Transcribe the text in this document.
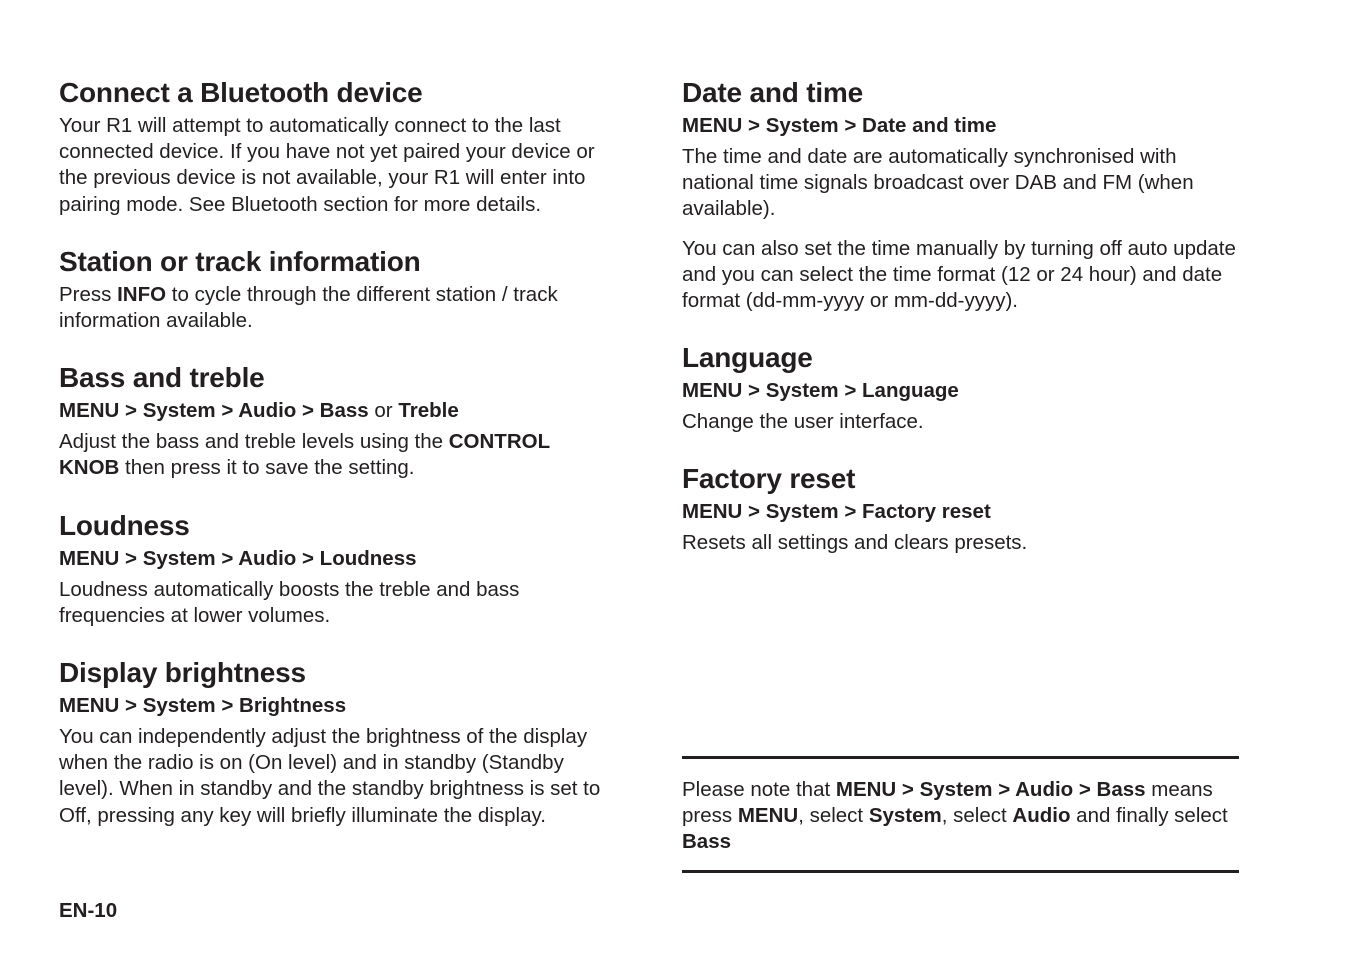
Connect a Bluetooth device

Your R1 will attempt to automatically connect to the last connected device. If you have not yet paired your device or the previous device is not available, your R1 will enter into pairing mode. See Bluetooth section for more details.

Station or track information

Press INFO to cycle through the different station / track information available.

Bass and treble
MENU > System > Audio > Bass or Treble

Adjust the bass and treble levels using the CONTROL KNOB then press it to save the setting.

Loudness
MENU > System > Audio > Loudness

Loudness automatically boosts the treble and bass frequencies at lower volumes.

Display brightness
MENU > System > Brightness

You can independently adjust the brightness of the display when the radio is on (On level) and in standby (Standby level). When in standby and the standby brightness is set to Off, pressing any key will briefly illuminate the display.

Date and time
MENU > System > Date and time

The time and date are automatically synchronised with national time signals broadcast over DAB and FM (when available).

You can also set the time manually by turning off auto update and you can select the time format (12 or 24 hour) and date format (dd-mm-yyyy or mm-dd-yyyy).

Language
MENU > System > Language

Change the user interface.

Factory reset
MENU > System > Factory reset

Resets all settings and clears presets.

Please note that MENU > System > Audio > Bass means press MENU, select System, select Audio and finally select Bass

EN-10
